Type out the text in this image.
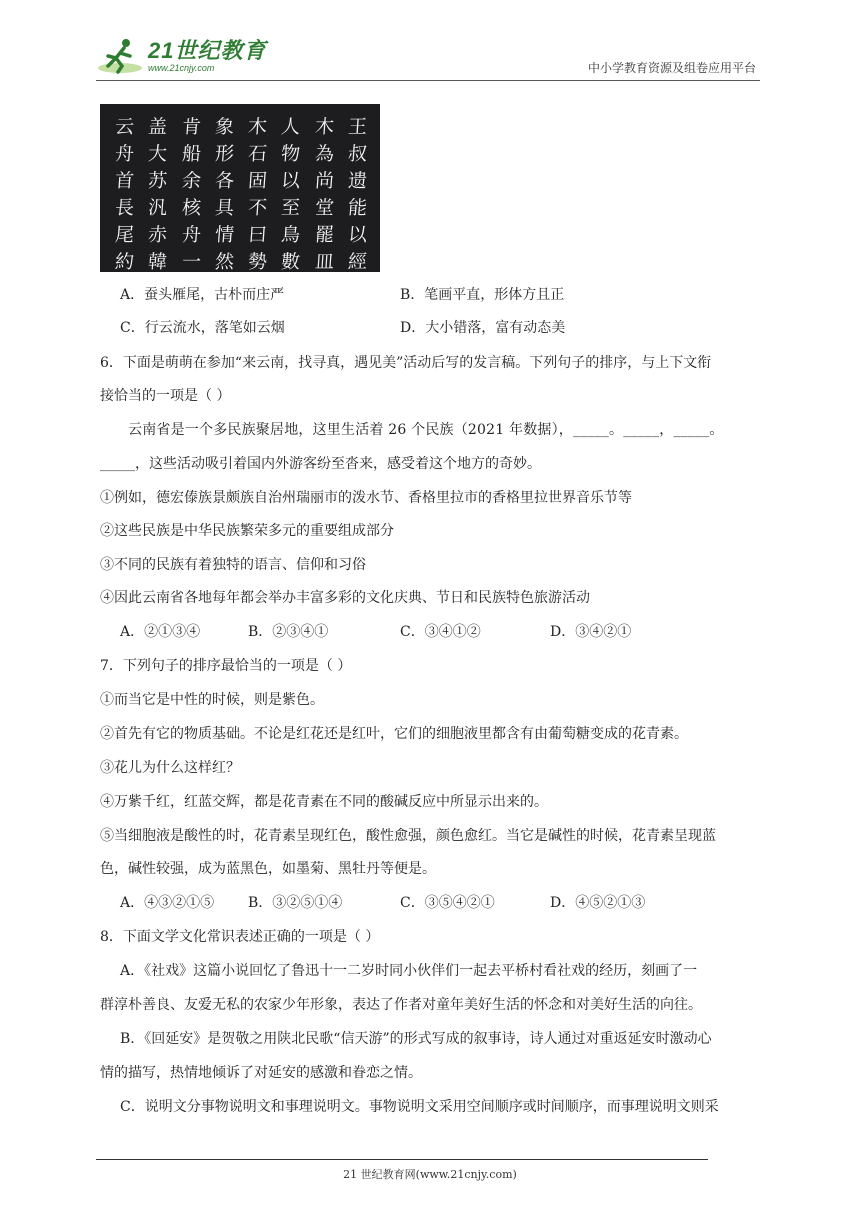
21世纪教育
www.21cnjy.com	中小学教育资源及组卷应用平台
云 盖 肯 象 木 人 木 王
舟 大 船 形 石 物 為 叔
首 苏 余 各 固 以 尚 遗
長 汎 核 具 不 至 堂 能
尾 赤 舟 情 曰 鳥 罷 以
約 韓 一 然 勢 數 皿 經
A．蚕头雁尾，古朴而庄严	B．笔画平直，形体方且正
C．行云流水，落笔如云烟	D．大小错落，富有动态美
6．下面是萌萌在参加“来云南，找寻真，遇见美”活动后写的发言稿。下列句子的排序，与上下文衔
接恰当的一项是（ ）
云南省是一个多民族聚居地，这里生活着 26 个民族（2021 年数据），_____。_____，_____。
_____，这些活动吸引着国内外游客纷至沓来，感受着这个地方的奇妙。
①例如，德宏傣族景颇族自治州瑞丽市的泼水节、香格里拉市的香格里拉世界音乐节等
②这些民族是中华民族繁荣多元的重要组成部分
③不同的民族有着独特的语言、信仰和习俗
④因此云南省各地每年都会举办丰富多彩的文化庆典、节日和民族特色旅游活动
A．②①③④	B．②③④①	C．③④①②	D．③④②①
7．下列句子的排序最恰当的一项是（ ）
①而当它是中性的时候，则是紫色。
②首先有它的物质基础。不论是红花还是红叶，它们的细胞液里都含有由葡萄糖变成的花青素。
③花儿为什么这样红？
④万紫千红，红蓝交辉，都是花青素在不同的酸碱反应中所显示出来的。
⑤当细胞液是酸性的时，花青素呈现红色，酸性愈强，颜色愈红。当它是碱性的时候，花青素呈现蓝
色，碱性较强，成为蓝黑色，如墨菊、黑牡丹等便是。
A．④③②①⑤ B．③②⑤①④	C．③⑤④②①	D．④⑤②①③
8．下面文学文化常识表述正确的一项是（ ）
A．《社戏》这篇小说回忆了鲁迅十一二岁时同小伙伴们一起去平桥村看社戏的经历，刻画了一
群淳朴善良、友爱无私的农家少年形象，表达了作者对童年美好生活的怀念和对美好生活的向往。
B．《回延安》是贺敬之用陕北民歌“信天游”的形式写成的叙事诗，诗人通过对重返延安时激动心
情的描写，热情地倾诉了对延安的感激和眷恋之情。
C．说明文分事物说明文和事理说明文。事物说明文采用空间顺序或时间顺序，而事理说明文则采
21 世纪教育网(www.21cnjy.com)
